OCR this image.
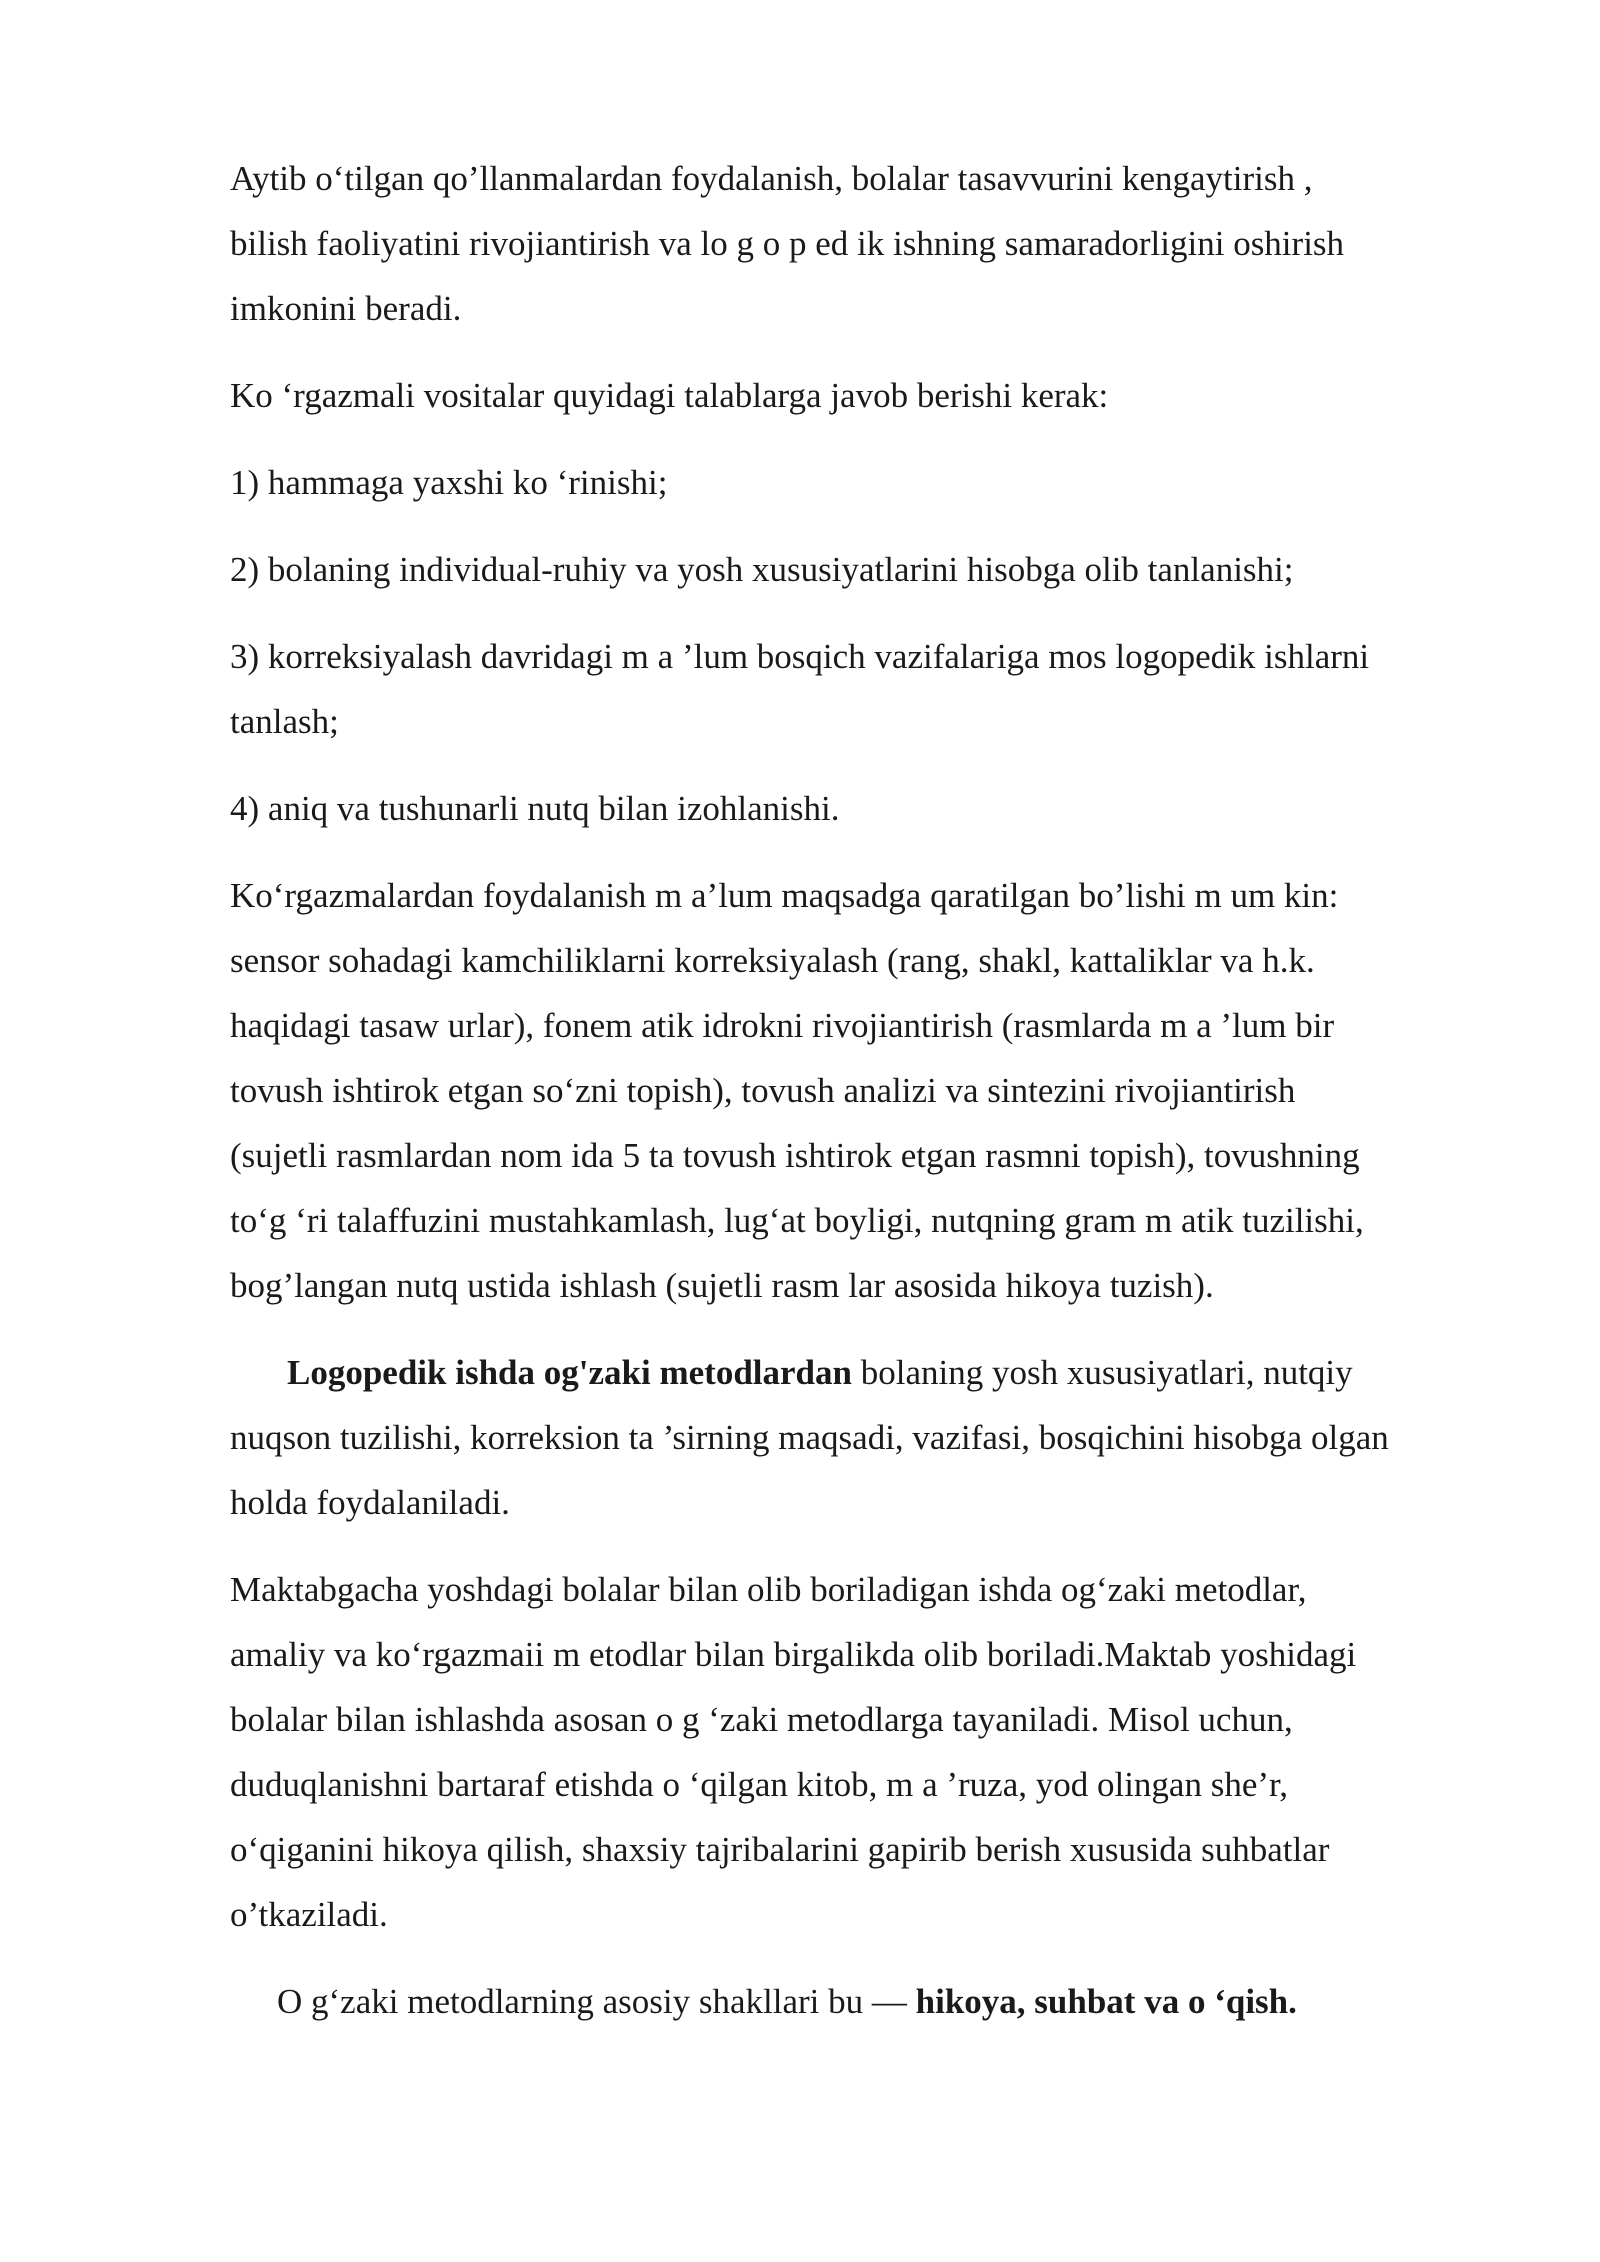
Aytib o‘tilgan qo’llanmalardan foydalanish, bolalar tasavvurini kengaytirish ,
bilish faoliyatini rivojiantirish va lo g o p ed ik ishning samaradorligini oshirish
imkonini beradi.

Ko ‘rgazmali vositalar quyidagi talablarga javob berishi kerak:

1) hammaga yaxshi ko ‘rinishi;

2) bolaning individual-ruhiy va yosh xususiyatlarini hisobga olib tanlanishi;

3) korreksiyalash davridagi m a ’lum bosqich vazifalariga mos logopedik ishlarni
tanlash;

4) aniq va tushunarli nutq bilan izohlanishi.

Ko‘rgazmalardan foydalanish m a’lum maqsadga qaratilgan bo’lishi m um kin:
sensor sohadagi kamchiliklarni korreksiyalash (rang, shakl, kattaliklar va h.k.
haqidagi tasaw urlar), fonem atik idrokni rivojiantirish (rasmlarda m a ’lum bir
tovush ishtirok etgan so‘zni topish), tovush analizi va sintezini rivojiantirish
(sujetli rasmlardan nom ida 5 ta tovush ishtirok etgan rasmni topish), tovushning
to‘g ‘ri talaffuzini mustahkamlash, lug‘at boyligi, nutqning gram m atik tuzilishi,
bog’langan nutq ustida ishlash (sujetli rasm lar asosida hikoya tuzish).

Logopedik ishda og'zaki metodlardan bolaning yosh xususiyatlari, nutqiy
nuqson tuzilishi, korreksion ta ’sirning maqsadi, vazifasi, bosqichini hisobga olgan
holda foydalaniladi.

Maktabgacha yoshdagi bolalar bilan olib boriladigan ishda og‘zaki metodlar,
amaliy va ko‘rgazmaii m etodlar bilan birgalikda olib boriladi.Maktab yoshidagi
bolalar bilan ishlashda asosan o g ‘zaki metodlarga tayaniladi. Misol uchun,
duduqlanishni bartaraf etishda o ‘qilgan kitob, m a ’ruza, yod olingan she’r,
o‘qiganini hikoya qilish, shaxsiy tajribalarini gapirib berish xususida suhbatlar
o’tkaziladi.

O g‘zaki metodlarning asosiy shakllari bu — hikoya, suhbat va o ‘qish.
